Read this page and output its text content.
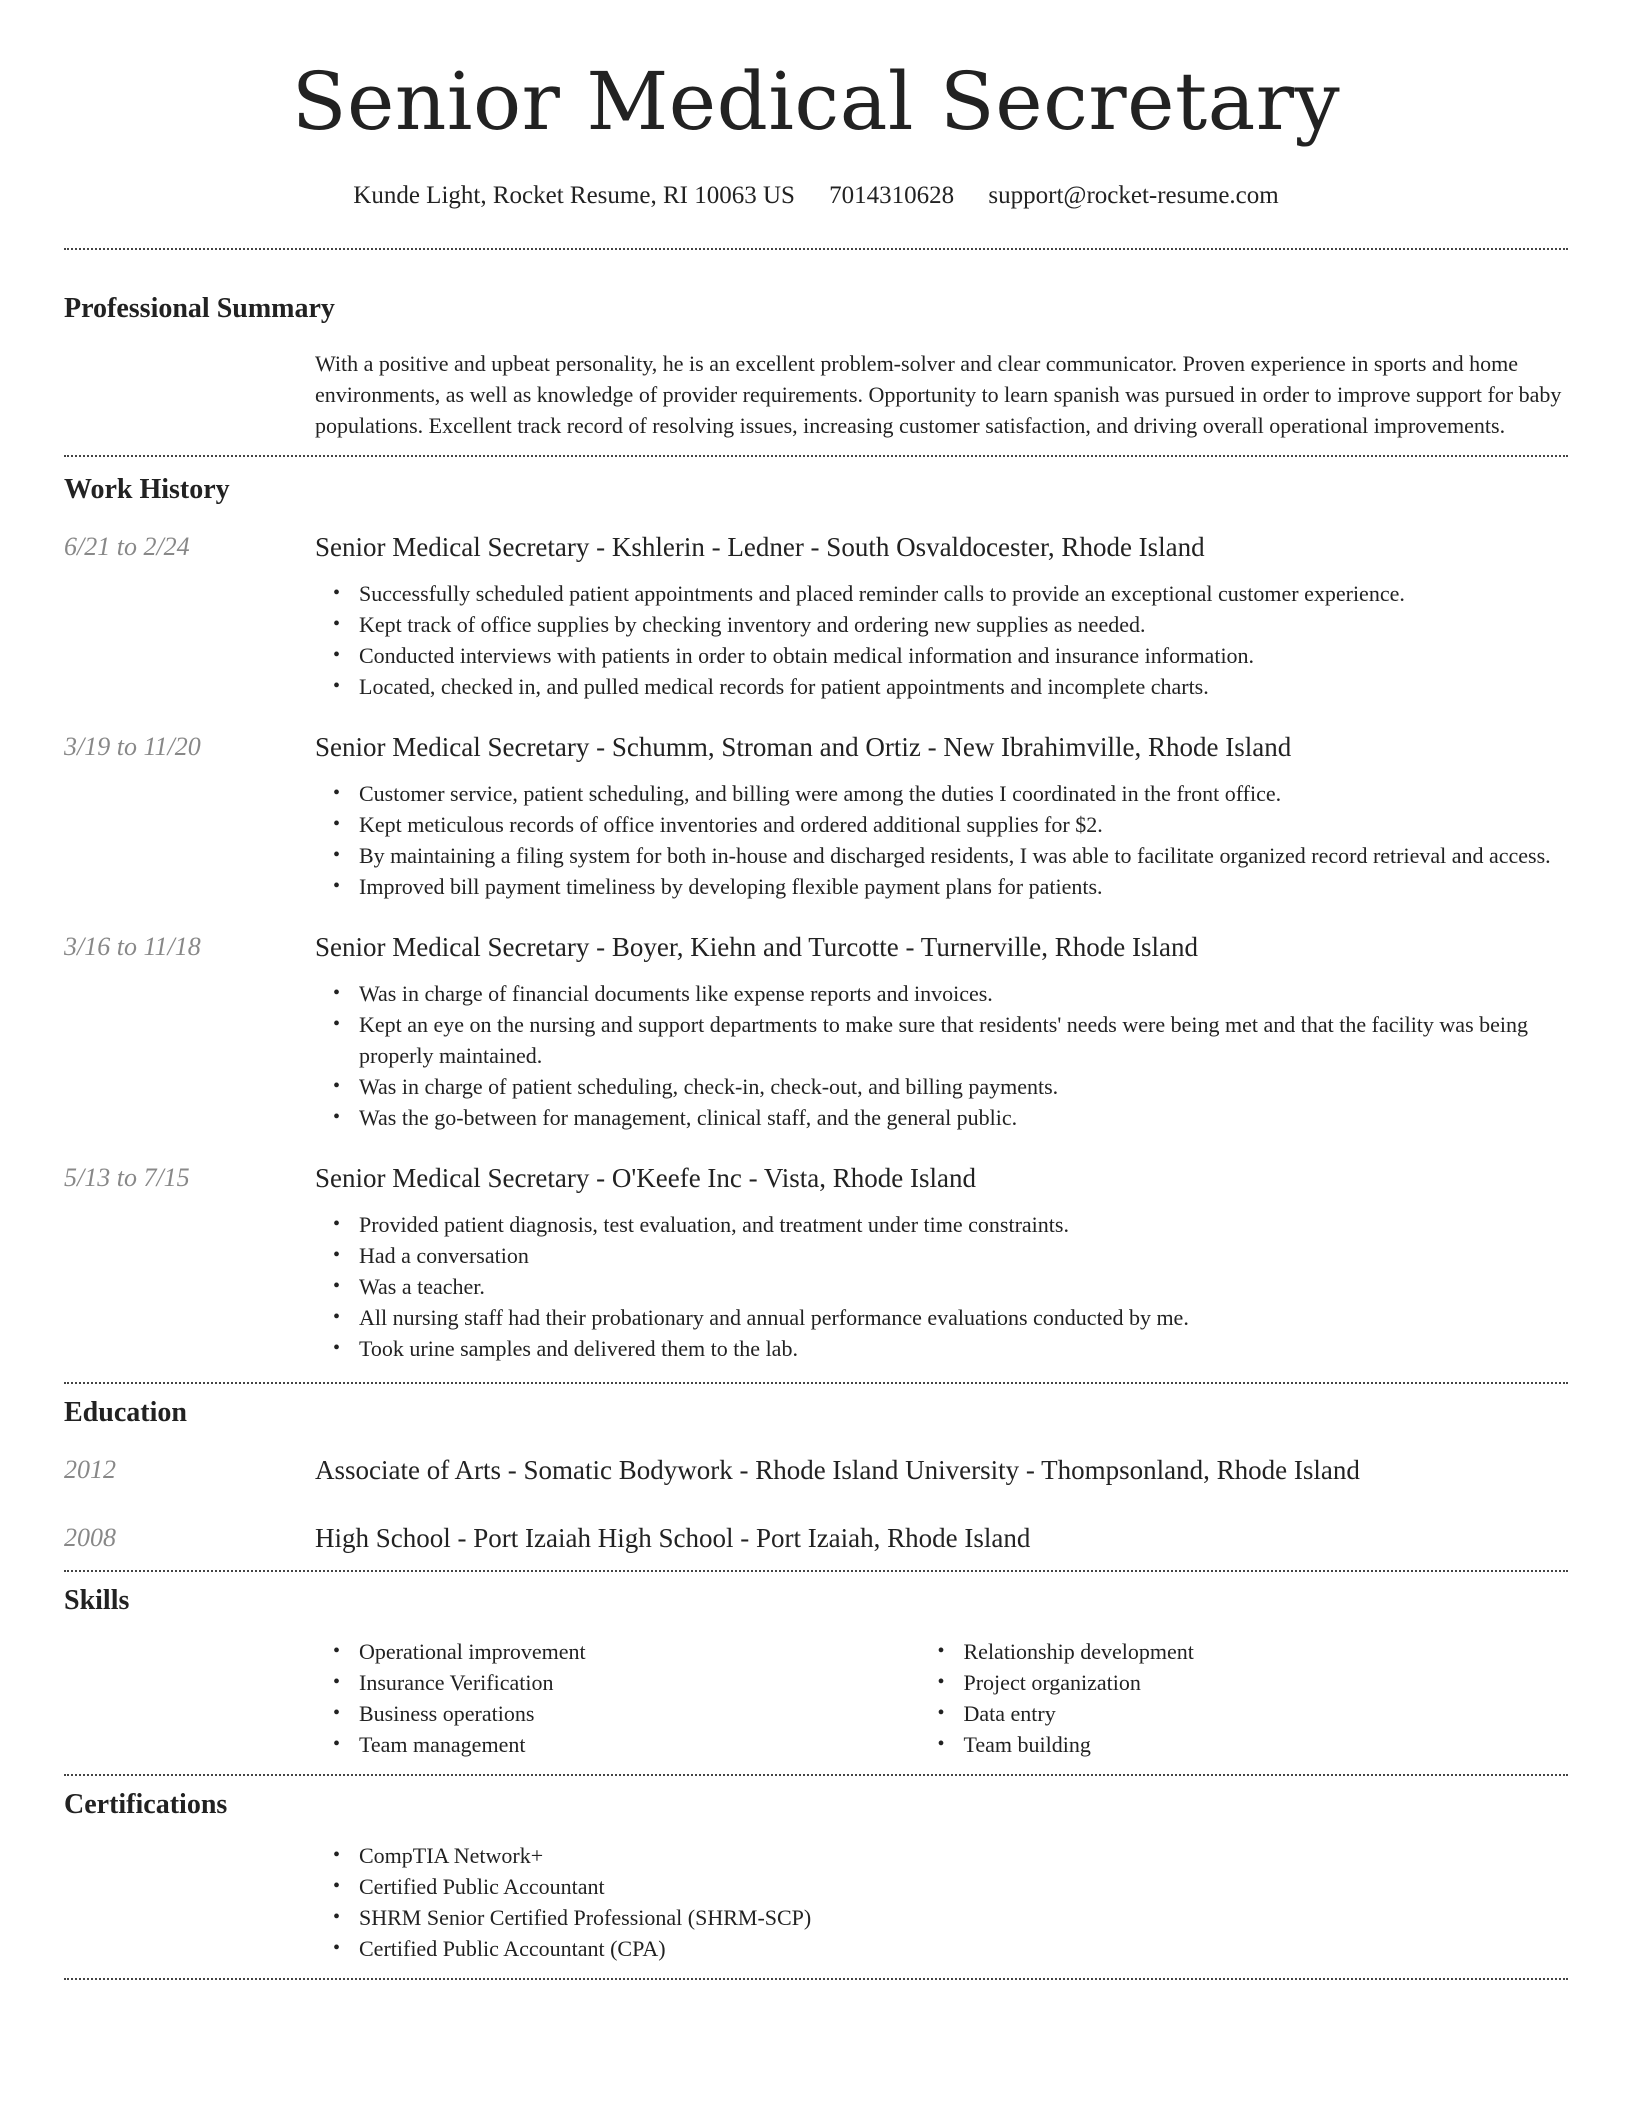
Senior Medical Secretary
Kunde Light, Rocket Resume, RI 10063 US 7014310628 support@rocket-resume.com
Professional Summary
With a positive and upbeat personality, he is an excellent problem-solver and clear communicator. Proven experience in sports and home environments, as well as knowledge of provider requirements. Opportunity to learn spanish was pursued in order to improve support for baby populations. Excellent track record of resolving issues, increasing customer satisfaction, and driving overall operational improvements.
Work History
6/21 to 2/24	Senior Medical Secretary - Kshlerin - Ledner - South Osvaldocester, Rhode Island
• Successfully scheduled patient appointments and placed reminder calls to provide an exceptional customer experience.
• Kept track of office supplies by checking inventory and ordering new supplies as needed.
• Conducted interviews with patients in order to obtain medical information and insurance information.
• Located, checked in, and pulled medical records for patient appointments and incomplete charts.
3/19 to 11/20	Senior Medical Secretary - Schumm, Stroman and Ortiz - New Ibrahimville, Rhode Island
• Customer service, patient scheduling, and billing were among the duties I coordinated in the front office.
• Kept meticulous records of office inventories and ordered additional supplies for $2.
• By maintaining a filing system for both in-house and discharged residents, I was able to facilitate organized record retrieval and access.
• Improved bill payment timeliness by developing flexible payment plans for patients.
3/16 to 11/18	Senior Medical Secretary - Boyer, Kiehn and Turcotte - Turnerville, Rhode Island
• Was in charge of financial documents like expense reports and invoices.
• Kept an eye on the nursing and support departments to make sure that residents' needs were being met and that the facility was being properly maintained.
• Was in charge of patient scheduling, check-in, check-out, and billing payments.
• Was the go-between for management, clinical staff, and the general public.
5/13 to 7/15	Senior Medical Secretary - O'Keefe Inc - Vista, Rhode Island
• Provided patient diagnosis, test evaluation, and treatment under time constraints.
• Had a conversation
• Was a teacher.
• All nursing staff had their probationary and annual performance evaluations conducted by me.
• Took urine samples and delivered them to the lab.
Education
2012	Associate of Arts - Somatic Bodywork - Rhode Island University - Thompsonland, Rhode Island
2008	High School - Port Izaiah High School - Port Izaiah, Rhode Island
Skills
• Operational improvement
• Insurance Verification
• Business operations
• Team management
• Relationship development
• Project organization
• Data entry
• Team building
Certifications
• CompTIA Network+
• Certified Public Accountant
• SHRM Senior Certified Professional (SHRM-SCP)
• Certified Public Accountant (CPA)
